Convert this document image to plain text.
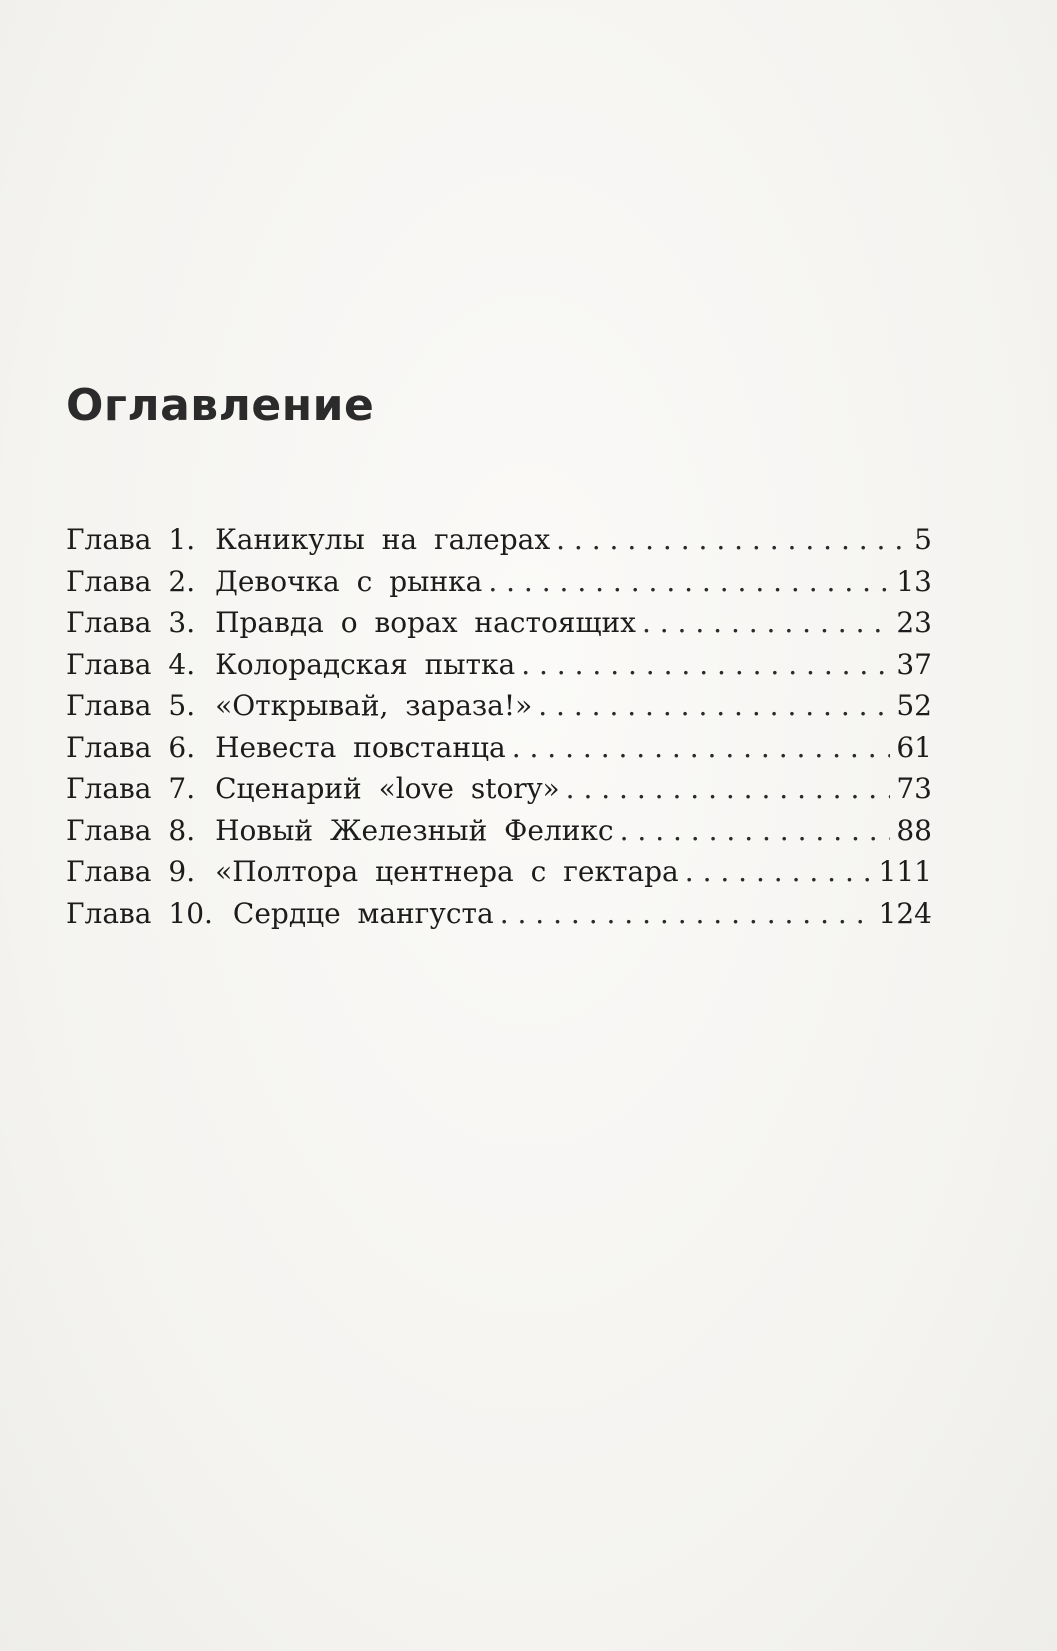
Оглавление
Глава 1. Каникулы на галерах . . .	5
Глава 2. Девочка с рынка . . .	13
Глава 3. Правда о ворах настоящих . . .	23
Глава 4. Колорадская пытка . . .	37
Глава 5. «Открывай, зараза!» . . .	52
Глава 6. Невеста повстанца . . .	61
Глава 7. Сценарий «love story» . . .	73
Глава 8. Новый Железный Феликс . . .	88
Глава 9. «Полтора центнера с гектара . . .	111
Глава 10. Сердце мангуста . . .	124
